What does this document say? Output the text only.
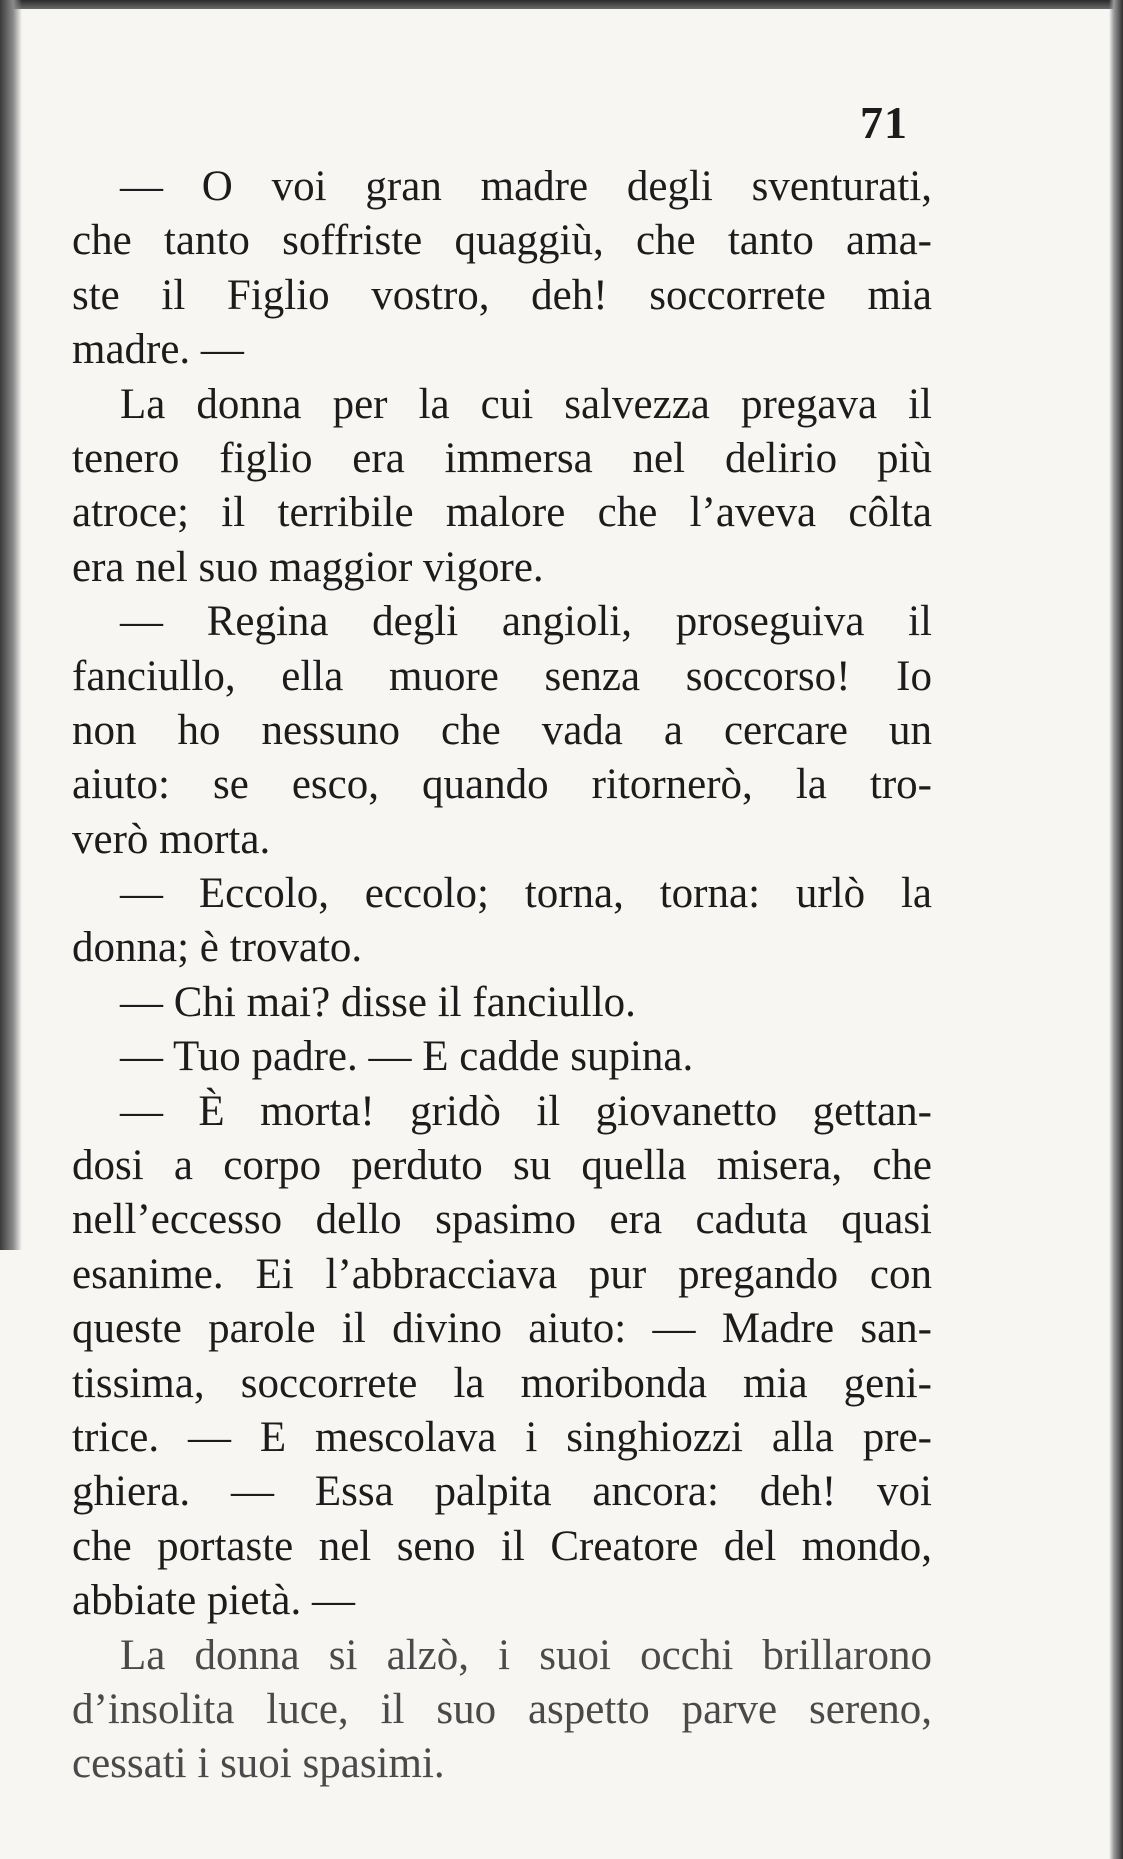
71
— O voi gran madre degli sventurati,
che tanto soffriste quaggiù, che tanto ama-
ste il Figlio vostro, deh! soccorrete mia
madre. —
La donna per la cui salvezza pregava il
tenero figlio era immersa nel delirio più
atroce; il terribile malore che l’aveva côlta
era nel suo maggior vigore.
— Regina degli angioli, proseguiva il
fanciullo, ella muore senza soccorso! Io
non ho nessuno che vada a cercare un
aiuto: se esco, quando ritornerò, la tro-
verò morta.
— Eccolo, eccolo; torna, torna: urlò la
donna; è trovato.
— Chi mai? disse il fanciullo.
— Tuo padre. — E cadde supina.
— È morta! gridò il giovanetto gettan-
dosi a corpo perduto su quella misera, che
nell’eccesso dello spasimo era caduta quasi
esanime. Ei l’abbracciava pur pregando con
queste parole il divino aiuto: — Madre san-
tissima, soccorrete la moribonda mia geni-
trice. — E mescolava i singhiozzi alla pre-
ghiera. — Essa palpita ancora: deh! voi
che portaste nel seno il Creatore del mondo,
abbiate pietà. —
La donna si alzò, i suoi occhi brillarono
d’insolita luce, il suo aspetto parve sereno,
cessati i suoi spasimi.
